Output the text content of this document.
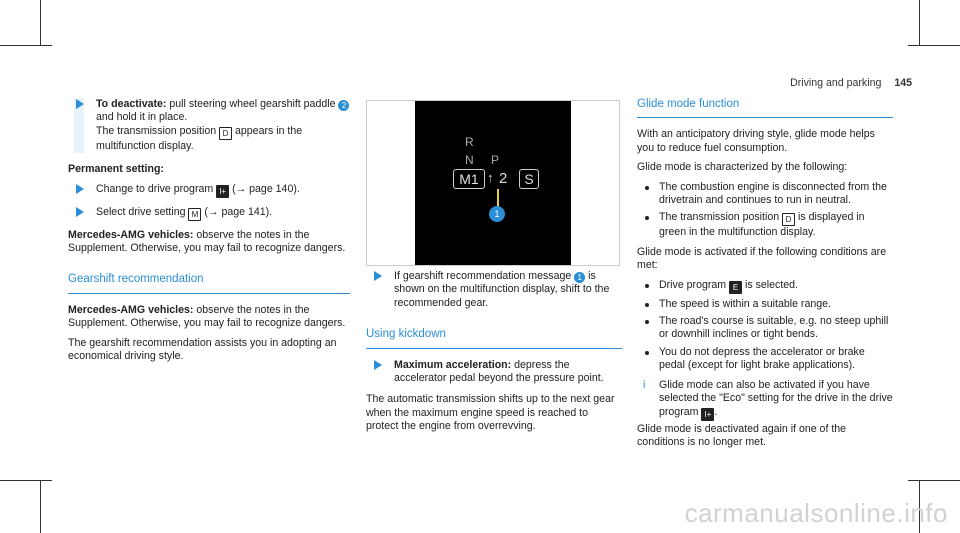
Driving and parking 145
To deactivate: pull steering wheel gearshift paddle 2 and hold it in place.
The transmission position D appears in the multifunction display.
Permanent setting:
Change to drive program I+ (→ page 140).
Select drive setting M (→ page 141).
Mercedes-AMG vehicles: observe the notes in the Supplement. Otherwise, you may fail to recognize dangers.
Gearshift recommendation
Mercedes-AMG vehicles: observe the notes in the Supplement. Otherwise, you may fail to recognize dangers.
The gearshift recommendation assists you in adopting an economical driving style.
R
N P
M1 ↑ 2	S
1
If gearshift recommendation message 1 is shown on the multifunction display, shift to the recommended gear.
Using kickdown
Maximum acceleration: depress the accelerator pedal beyond the pressure point.
The automatic transmission shifts up to the next gear when the maximum engine speed is reached to protect the engine from overrevving.
Glide mode function
With an anticipatory driving style, glide mode helps you to reduce fuel consumption.
Glide mode is characterized by the following:
The combustion engine is disconnected from the drivetrain and continues to run in neutral.
The transmission position D is displayed in green in the multifunction display.
Glide mode is activated if the following conditions are met:
Drive program E is selected.
The speed is within a suitable range.
The road's course is suitable, e.g. no steep uphill or downhill inclines or tight bends.
You do not depress the accelerator or brake pedal (except for light brake applications).
i Glide mode can also be activated if you have selected the "Eco" setting for the drive in the drive program I+ .
Glide mode is deactivated again if one of the conditions is no longer met.
carmanualsonline.info
